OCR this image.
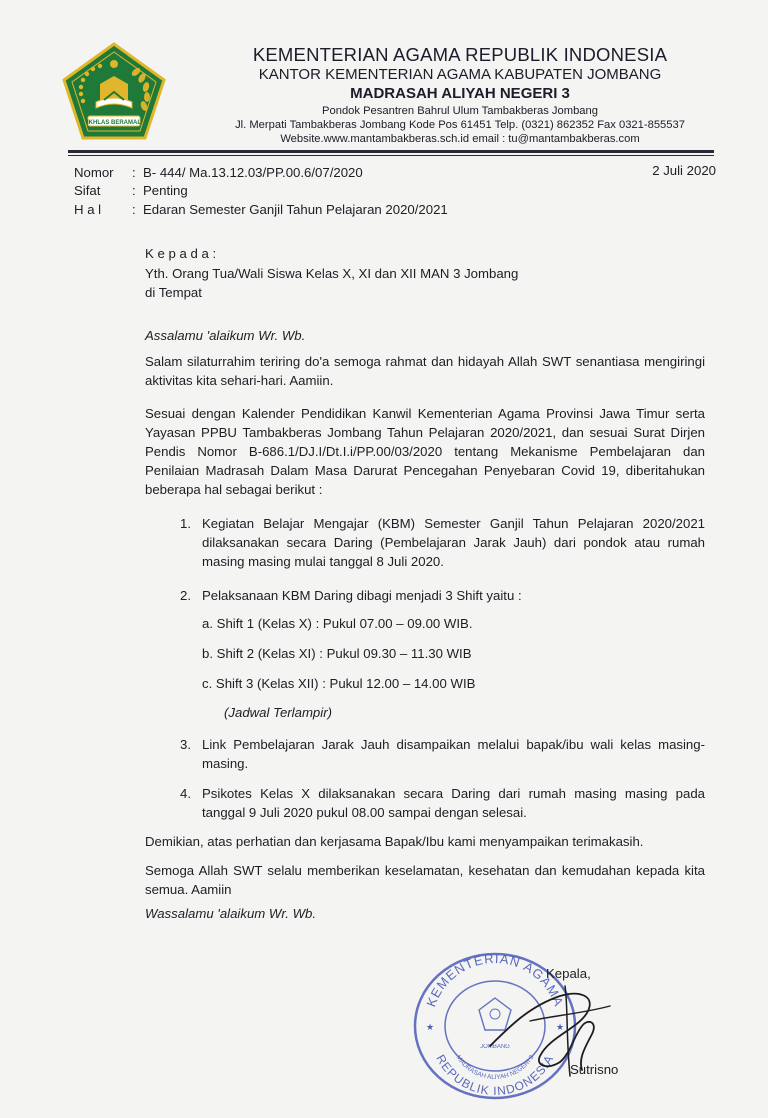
IKHLAS BERAMAL
KEMENTERIAN AGAMA REPUBLIK INDONESIA
KANTOR KEMENTERIAN AGAMA KABUPATEN JOMBANG
MADRASAH ALIYAH NEGERI 3
Pondok Pesantren Bahrul Ulum Tambakberas Jombang
Jl. Merpati Tambakberas Jombang Kode Pos 61451 Telp. (0321) 862352 Fax 0321-855537
Website.www.mantambakberas.sch.id email : tu@mantambakberas.com
Nomor	: B- 444/ Ma.13.12.03/PP.00.6/07/2020
Sifat	: Penting
H a l	: Edaran Semester Ganjil Tahun Pelajaran 2020/2021
2 Juli 2020
K e p a d a :
Yth. Orang Tua/Wali Siswa Kelas X, XI dan XII MAN 3 Jombang
di Tempat
Assalamu 'alaikum Wr. Wb.
Salam silaturrahim teriring do'a semoga rahmat dan hidayah Allah SWT senantiasa mengiringi aktivitas kita sehari-hari. Aamiin.
Sesuai dengan Kalender Pendidikan Kanwil Kementerian Agama Provinsi Jawa Timur serta Yayasan PPBU Tambakberas Jombang Tahun Pelajaran 2020/2021, dan sesuai Surat Dirjen Pendis Nomor B-686.1/DJ.I/Dt.I.i/PP.00/03/2020 tentang Mekanisme Pembelajaran dan Penilaian Madrasah Dalam Masa Darurat Pencegahan Penyebaran Covid 19, diberitahukan beberapa hal sebagai berikut :
1. Kegiatan Belajar Mengajar (KBM) Semester Ganjil Tahun Pelajaran 2020/2021 dilaksanakan secara Daring (Pembelajaran Jarak Jauh) dari pondok atau rumah masing masing mulai tanggal 8 Juli 2020.
2. Pelaksanaan KBM Daring dibagi menjadi 3 Shift yaitu :
a. Shift 1 (Kelas X) : Pukul 07.00 – 09.00 WIB.
b. Shift 2 (Kelas XI) : Pukul 09.30 – 11.30 WIB
c. Shift 3 (Kelas XII) : Pukul 12.00 – 14.00 WIB
(Jadwal Terlampir)
3. Link Pembelajaran Jarak Jauh disampaikan melalui bapak/ibu wali kelas masing-masing.
4. Psikotes Kelas X dilaksanakan secara Daring dari rumah masing masing pada tanggal 9 Juli 2020 pukul 08.00 sampai dengan selesai.
Demikian, atas perhatian dan kerjasama Bapak/Ibu kami menyampaikan terimakasih.
Semoga Allah SWT selalu memberikan keselamatan, kesehatan dan kemudahan kepada kita semua. Aamiin
Wassalamu 'alaikum Wr. Wb.
KEMENTERIAN AGAMA
REPUBLIK INDONESIA
MADRASAH ALIYAH NEGERI 3
JOMBANG
★	★
Kepala,
Sutrisno
